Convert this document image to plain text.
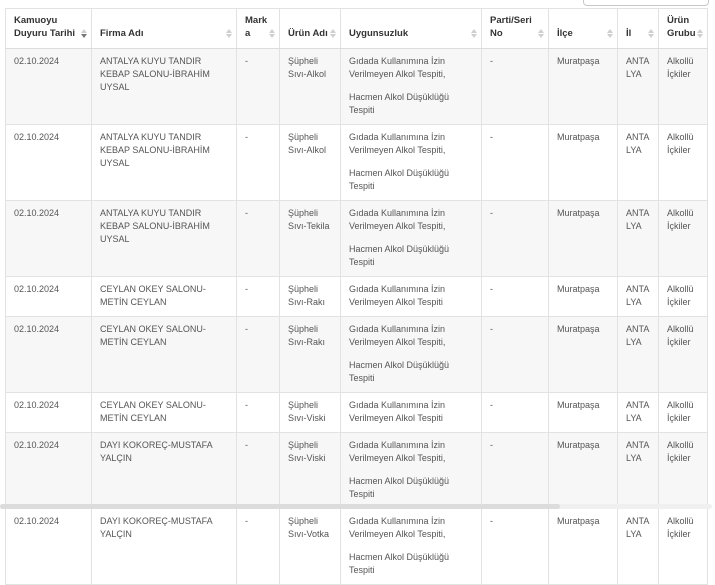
Kamuoyu Duyuru Tarihi	Firma Adı	Marka	Ürün Adı	Uygunsuzluk	Parti/Seri No	İlçe	İl	Ürün Grubu

02.10.2024	ANTALYA KUYU TANDIR KEBAP SALONU-İBRAHİM UYSAL	-	Şüpheli Sıvı-Alkol	Gıdada Kullanımına İzin Verilmeyen Alkol Tespiti,
Hacmen Alkol Düşüklüğü Tespiti	-	Muratpaşa	ANTALYA	Alkollü İçkiler
02.10.2024	ANTALYA KUYU TANDIR KEBAP SALONU-İBRAHİM UYSAL	-	Şüpheli Sıvı-Alkol	Gıdada Kullanımına İzin Verilmeyen Alkol Tespiti,
Hacmen Alkol Düşüklüğü Tespiti	-	Muratpaşa	ANTALYA	Alkollü İçkiler
02.10.2024	ANTALYA KUYU TANDIR KEBAP SALONU-İBRAHİM UYSAL	-	Şüpheli Sıvı-Tekila	Gıdada Kullanımına İzin Verilmeyen Alkol Tespiti,
Hacmen Alkol Düşüklüğü Tespiti	-	Muratpaşa	ANTALYA	Alkollü İçkiler
02.10.2024	CEYLAN OKEY SALONU-METİN CEYLAN	-	Şüpheli Sıvı-Rakı	Gıdada Kullanımına İzin Verilmeyen Alkol Tespiti	-	Muratpaşa	ANTALYA	Alkollü İçkiler
02.10.2024	CEYLAN OKEY SALONU-METİN CEYLAN	-	Şüpheli Sıvı-Rakı	Gıdada Kullanımına İzin Verilmeyen Alkol Tespiti,
Hacmen Alkol Düşüklüğü Tespiti	-	Muratpaşa	ANTALYA	Alkollü İçkiler
02.10.2024	CEYLAN OKEY SALONU-METİN CEYLAN	-	Şüpheli Sıvı-Viski	Gıdada Kullanımına İzin Verilmeyen Alkol Tespiti	-	Muratpaşa	ANTALYA	Alkollü İçkiler
02.10.2024	DAYI KOKOREÇ-MUSTAFA YALÇIN	-	Şüpheli Sıvı-Viski	Gıdada Kullanımına İzin Verilmeyen Alkol Tespiti,
Hacmen Alkol Düşüklüğü Tespiti	-	Muratpaşa	ANTALYA	Alkollü İçkiler
02.10.2024	DAYI KOKOREÇ-MUSTAFA YALÇIN	-	Şüpheli Sıvı-Votka	Gıdada Kullanımına İzin Verilmeyen Alkol Tespiti,
Hacmen Alkol Düşüklüğü Tespiti	-	Muratpaşa	ANTALYA	Alkollü İçkiler
